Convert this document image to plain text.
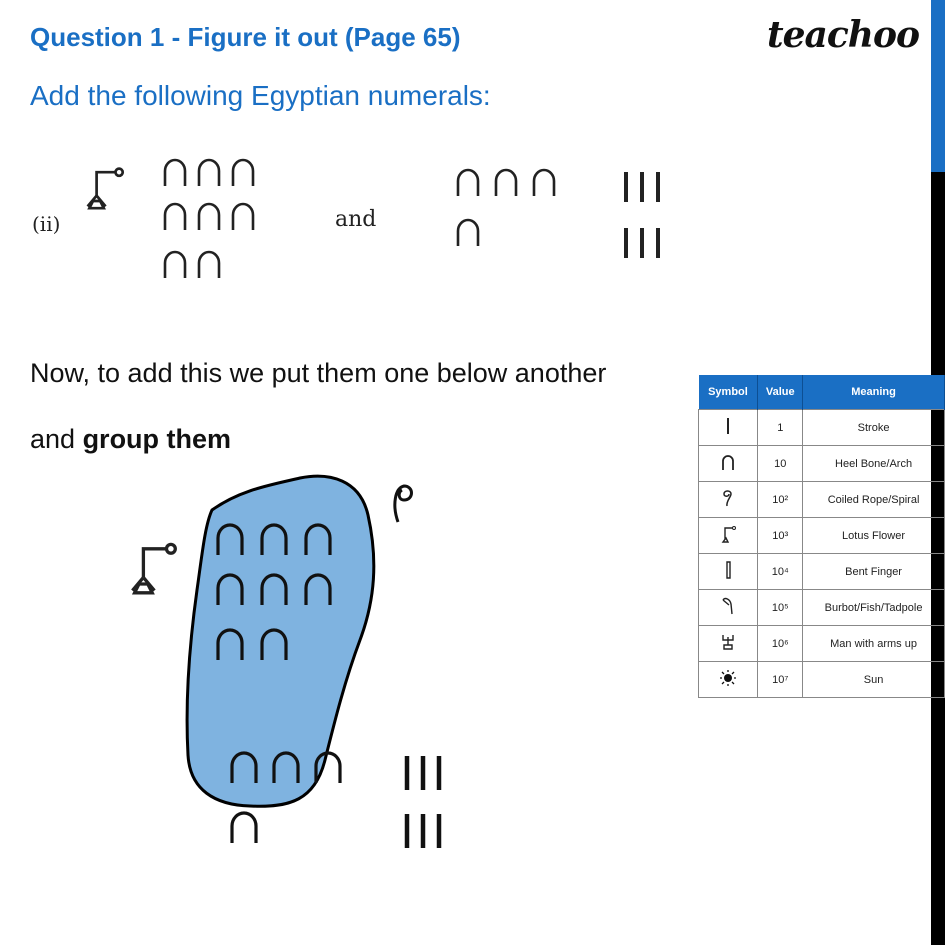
Question 1 - Figure it out (Page 65)
Add the following Egyptian numerals:
teachoo
(ii)	and
Now, to add this we put them one below another
and group them
Symbol	Value	Meaning
	1	Stroke
	10	Heel Bone/Arch
	10²	Coiled Rope/Spiral
	10³	Lotus Flower
	10⁴	Bent Finger
	10⁵	Burbot/Fish/Tadpole
	10⁶	Man with arms up
	10⁷	Sun
